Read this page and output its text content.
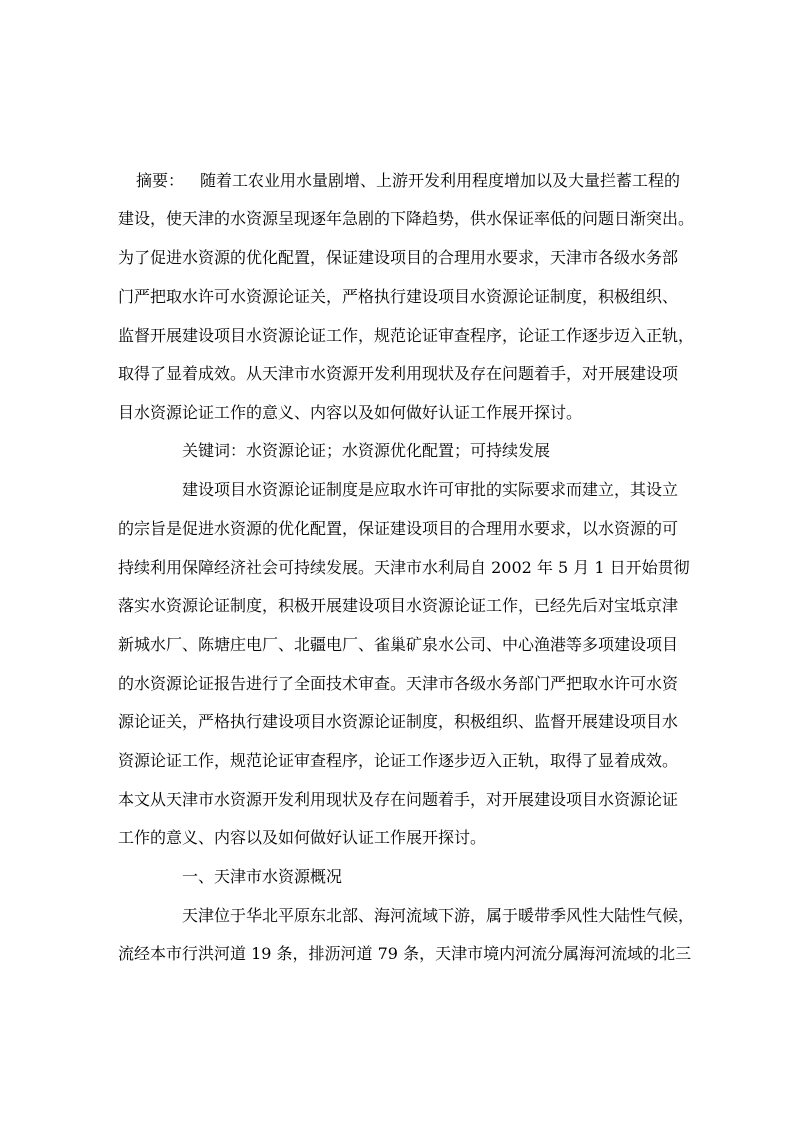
摘要： 随着工农业用水量剧增、上游开发利用程度增加以及大量拦蓄工程的
建设，使天津的水资源呈现逐年急剧的下降趋势，供水保证率低的问题日渐突出。
为了促进水资源的优化配置，保证建设项目的合理用水要求，天津市各级水务部
门严把取水许可水资源论证关，严格执行建设项目水资源论证制度，积极组织、
监督开展建设项目水资源论证工作，规范论证审查程序，论证工作逐步迈入正轨，
取得了显着成效。从天津市水资源开发利用现状及存在问题着手，对开展建设项
目水资源论证工作的意义、内容以及如何做好认证工作展开探讨。
关键词：水资源论证；水资源优化配置；可持续发展
建设项目水资源论证制度是应取水许可审批的实际要求而建立，其设立
的宗旨是促进水资源的优化配置，保证建设项目的合理用水要求，以水资源的可
持续利用保障经济社会可持续发展。天津市水利局自 2002 年 5 月 1 日开始贯彻
落实水资源论证制度，积极开展建设项目水资源论证工作，已经先后对宝坻京津
新城水厂、陈塘庄电厂、北疆电厂、雀巢矿泉水公司、中心渔港等多项建设项目
的水资源论证报告进行了全面技术审查。天津市各级水务部门严把取水许可水资
源论证关，严格执行建设项目水资源论证制度，积极组织、监督开展建设项目水
资源论证工作，规范论证审查程序，论证工作逐步迈入正轨，取得了显着成效。
本文从天津市水资源开发利用现状及存在问题着手，对开展建设项目水资源论证
工作的意义、内容以及如何做好认证工作展开探讨。
一、天津市水资源概况
天津位于华北平原东北部、海河流域下游，属于暖带季风性大陆性气候，
流经本市行洪河道 19 条，排沥河道 79 条，天津市境内河流分属海河流域的北三
